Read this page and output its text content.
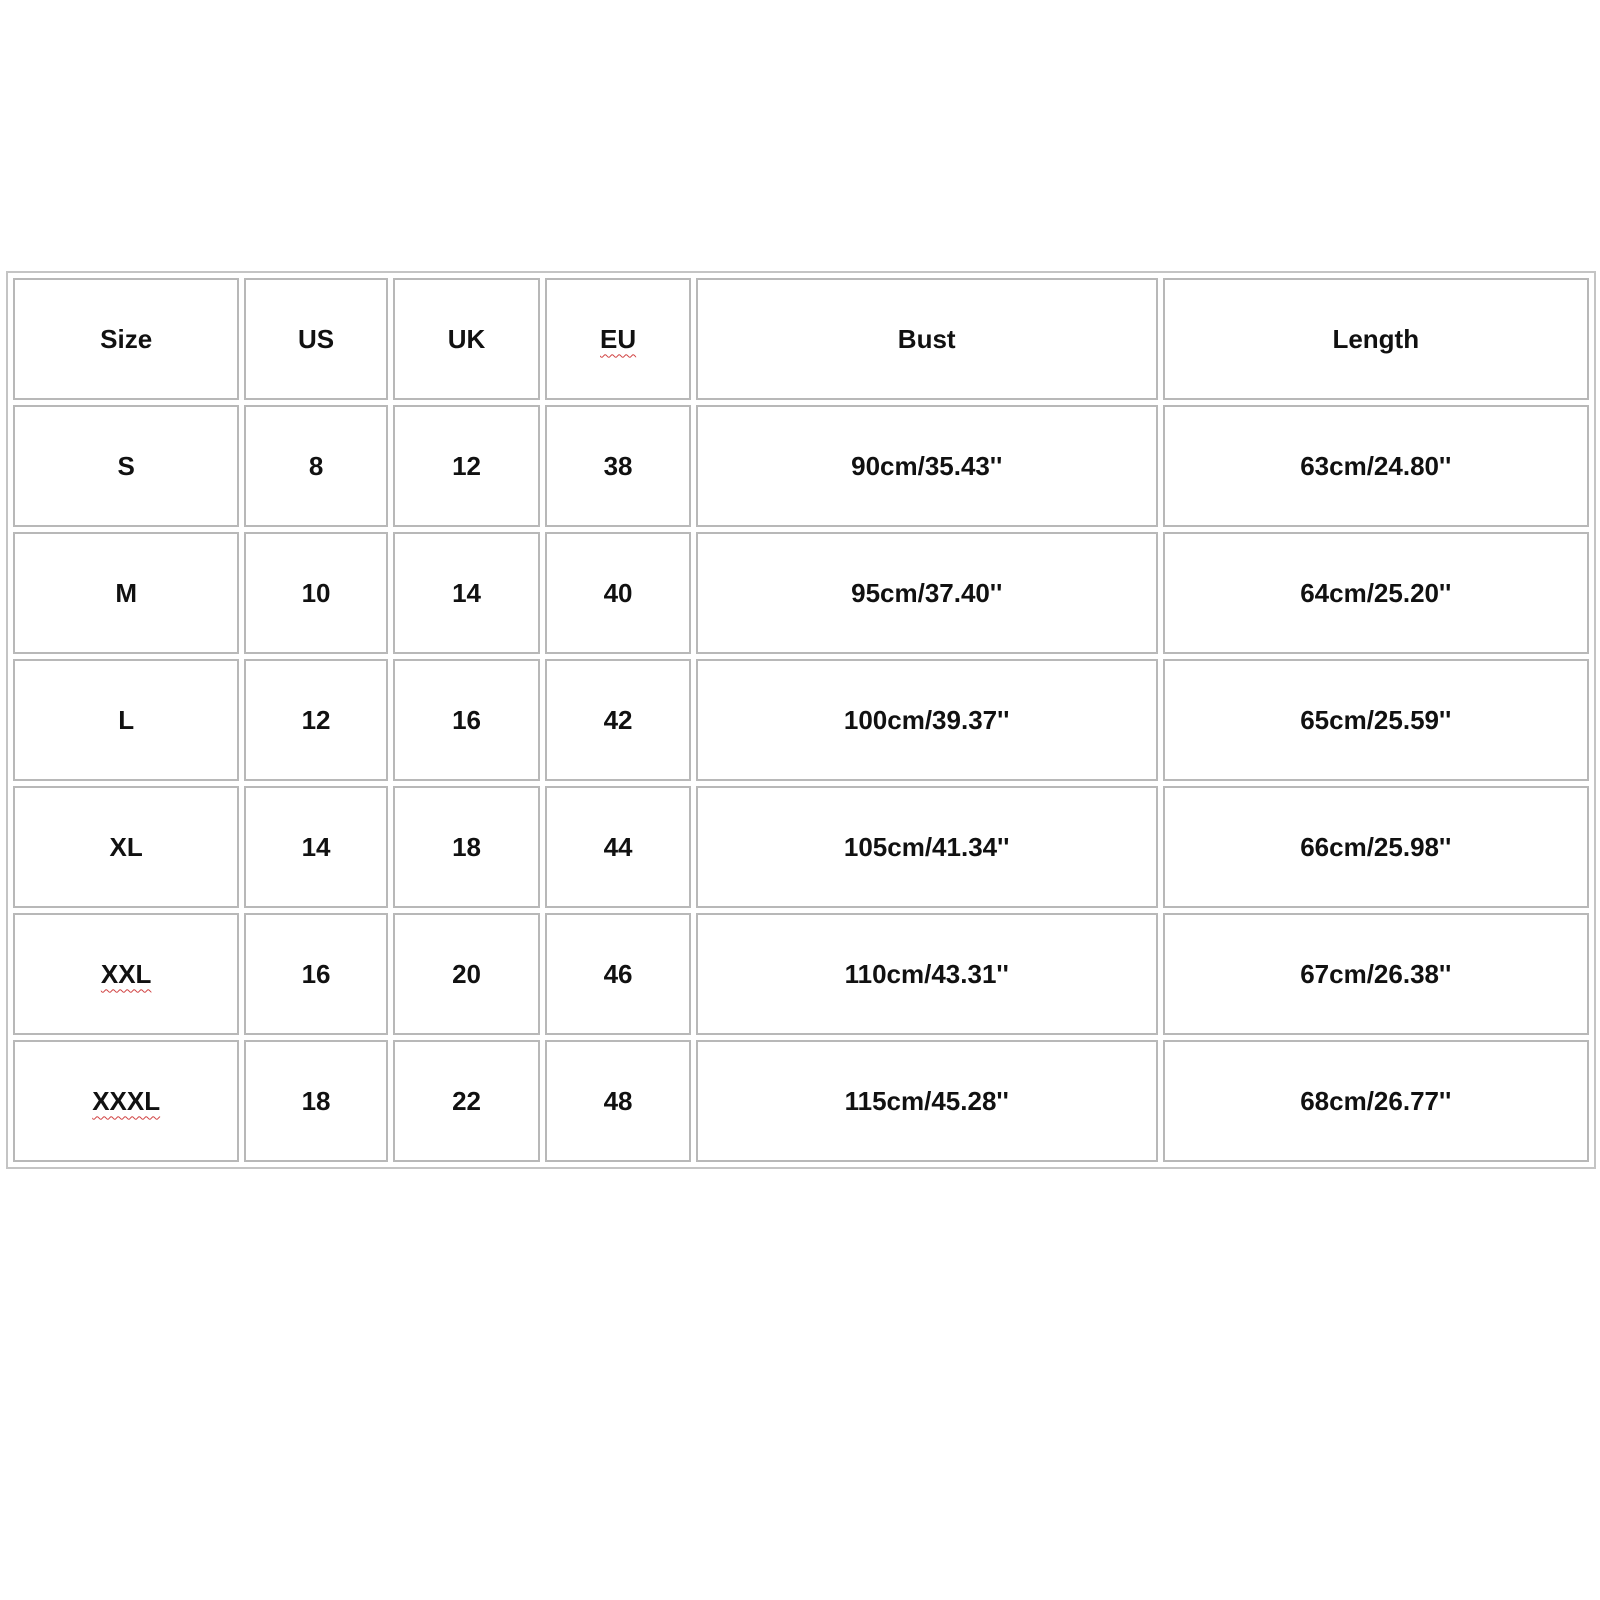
Size	US	UK	EU	Bust	Length
S	8	12	38	90cm/35.43''	63cm/24.80''
M	10	14	40	95cm/37.40''	64cm/25.20''
L	12	16	42	100cm/39.37''	65cm/25.59''
XL	14	18	44	105cm/41.34''	66cm/25.98''
XXL	16	20	46	110cm/43.31''	67cm/26.38''
XXXL	18	22	48	115cm/45.28''	68cm/26.77''
